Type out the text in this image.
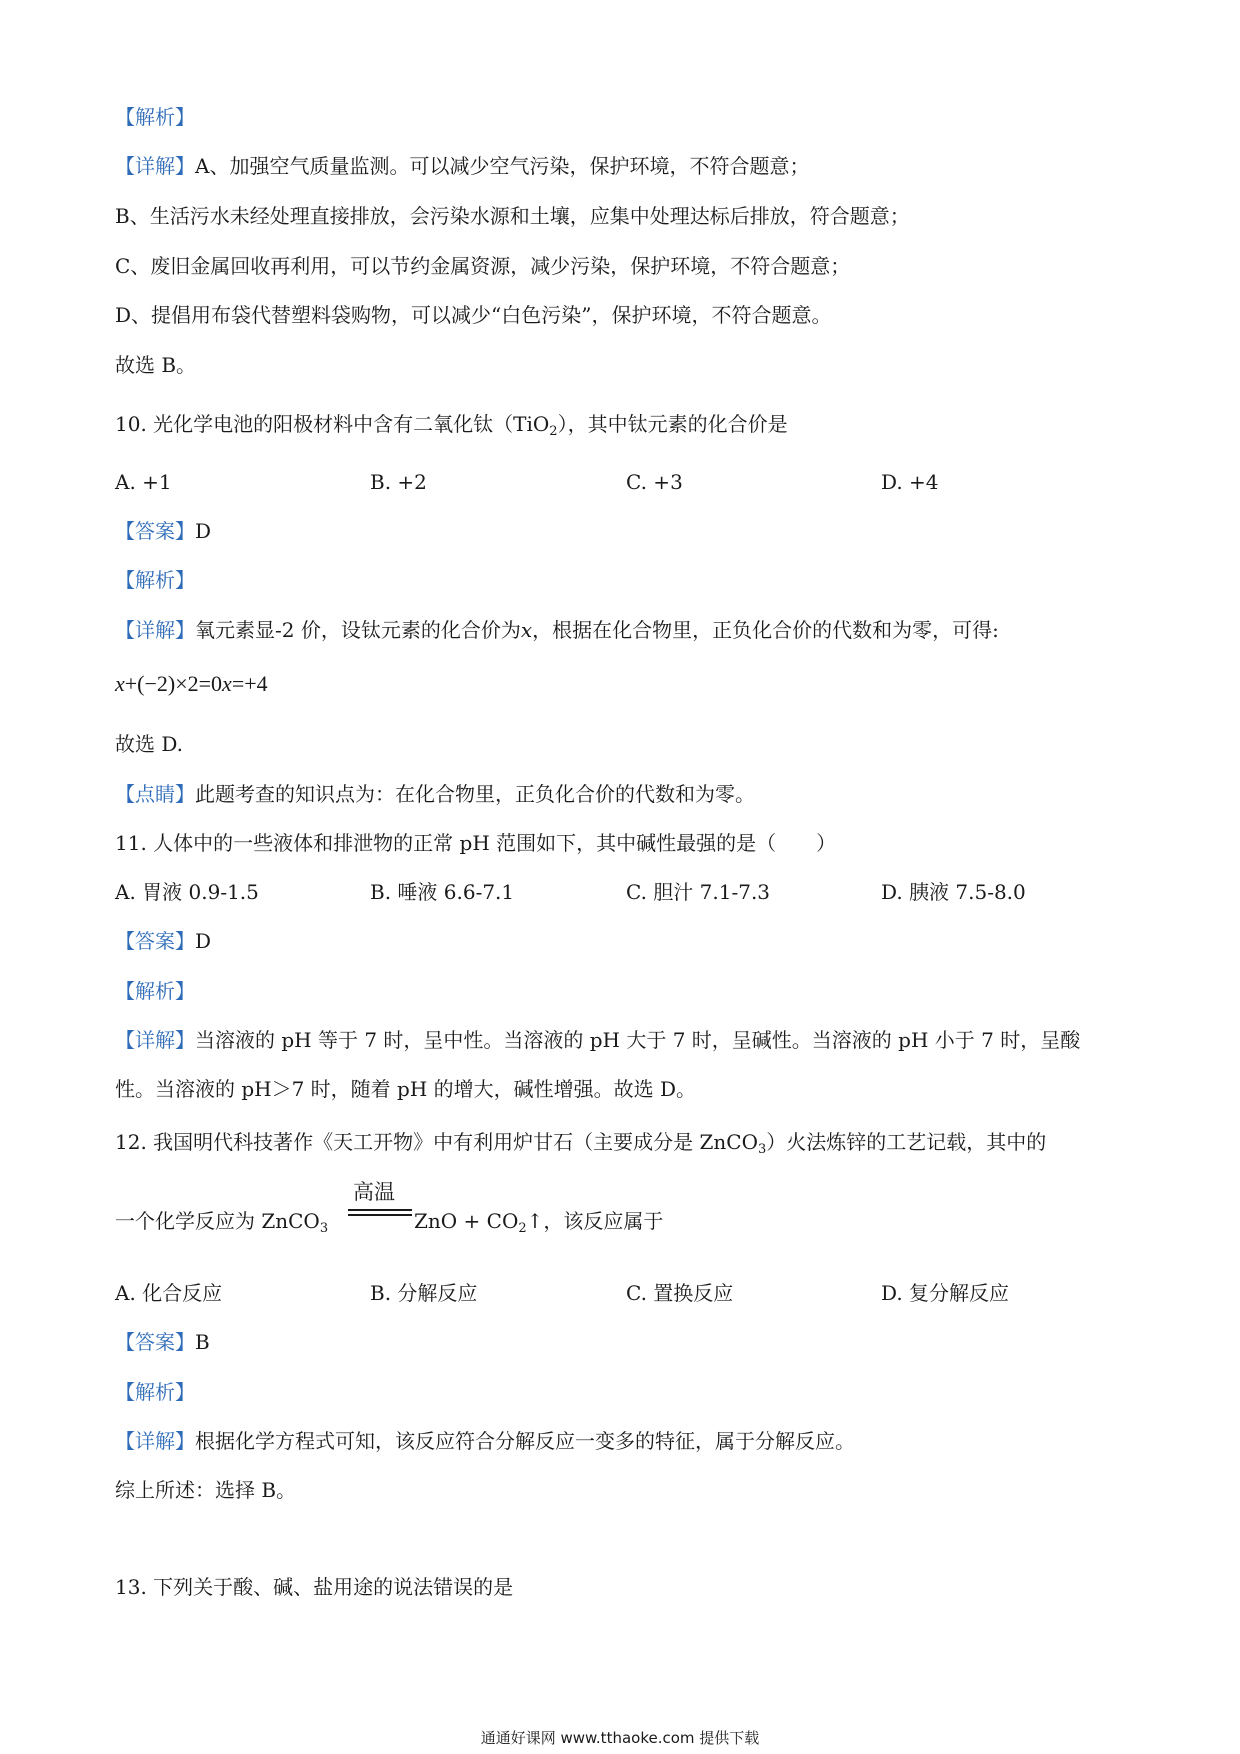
【解析】
【详解】A、加强空气质量监测。可以减少空气污染，保护环境，不符合题意；
B、生活污水未经处理直接排放，会污染水源和土壤，应集中处理达标后排放，符合题意；
C、废旧金属回收再利用，可以节约金属资源，减少污染，保护环境，不符合题意；
D、提倡用布袋代替塑料袋购物，可以减少“白色污染”，保护环境，不符合题意。
故选 B。
10. 光化学电池的阳极材料中含有二氧化钛（TiO$_2$），其中钛元素的化合价是
A. +1	B. +2	C. +3	D. +4
【答案】D
【解析】
【详解】氧元素显-2 价，设钛元素的化合价为x，根据在化合物里，正负化合价的代数和为零，可得:
x+(−2)×2=0x=+4
故选 D.
【点睛】此题考查的知识点为：在化合物里，正负化合价的代数和为零。
11. 人体中的一些液体和排泄物的正常 pH 范围如下，其中碱性最强的是（　　）
A. 胃液 0.9-1.5	B. 唾液 6.6-7.1	C. 胆汁 7.1-7.3	D. 胰液 7.5-8.0
【答案】D
【解析】
【详解】当溶液的 pH 等于 7 时，呈中性。当溶液的 pH 大于 7 时，呈碱性。当溶液的 pH 小于 7 时，呈酸
性。当溶液的 pH＞7 时，随着 pH 的增大，碱性增强。故选 D。
12. 我国明代科技著作《天工开物》中有利用炉甘石（主要成分是 ZnCO$_3$）火法炼锌的工艺记载，其中的
一个化学反应为 ZnCO$_3$
高温
ZnO + $CO_2↑$，该反应属于
A. 化合反应	B. 分解反应	C. 置换反应	D. 复分解反应
【答案】B
【解析】
【详解】根据化学方程式可知，该反应符合分解反应一变多的特征，属于分解反应。
综上所述：选择 B。
13. 下列关于酸、碱、盐用途的说法错误的是
通通好课网 www.tthaoke.com 提供下载
